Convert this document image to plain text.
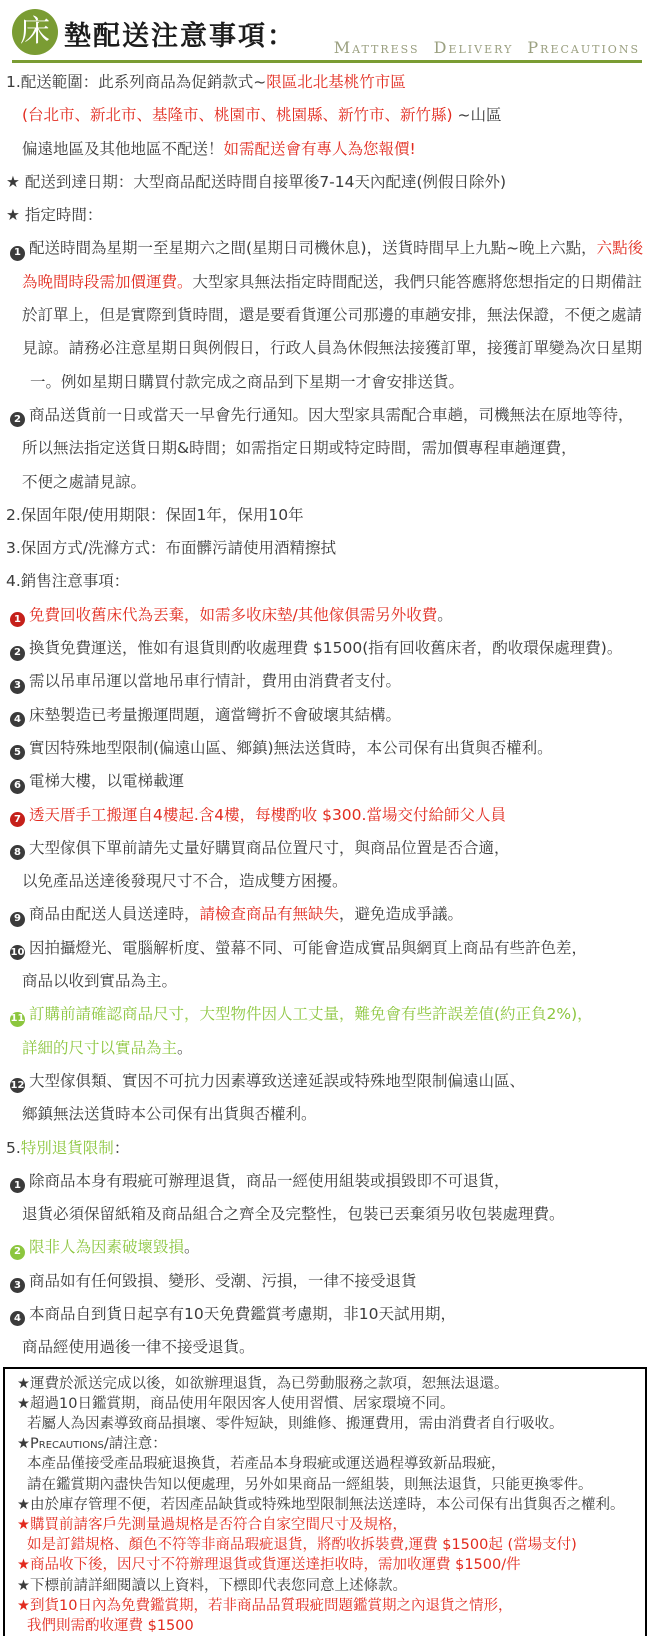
床 墊配送注意事項： Mattress Delivery Precautions
1.配送範圍：此系列商品為促銷款式~限區北北基桃竹市區
(台北市、新北市、基隆市、桃園市、桃園縣、新竹市、新竹縣) ~山區
偏遠地區及其他地區不配送！如需配送會有專人為您報價!
★ 配送到達日期：大型商品配送時間自接單後7-14天內配達(例假日除外)
★ 指定時間：
1 配送時間為星期一至星期六之間(星期日司機休息)，送貨時間早上九點~晚上六點，六點後
為晚間時段需加價運費。大型家具無法指定時間配送，我們只能答應將您想指定的日期備註
於訂單上，但是實際到貨時間，還是要看貨運公司那邊的車趟安排，無法保證，不便之處請
見諒。請務必注意星期日與例假日，行政人員為休假無法接獲訂單，接獲訂單變為次日星期
一。例如星期日購買付款完成之商品到下星期一才會安排送貨。
2 商品送貨前一日或當天一早會先行通知。因大型家具需配合車趟，司機無法在原地等待，
所以無法指定送貨日期&時間；如需指定日期或特定時間，需加價專程車趟運費，
不便之處請見諒。
2.保固年限/使用期限：保固1年，保用10年
3.保固方式/洗滌方式：布面髒污請使用酒精擦拭
4.銷售注意事項：
1 免費回收舊床代為丟棄，如需多收床墊/其他傢俱需另外收費。
2 換貨免費運送，惟如有退貨則酌收處理費 $1500(指有回收舊床者，酌收環保處理費)。
3 需以吊車吊運以當地吊車行情計，費用由消費者支付。
4 床墊製造已考量搬運問題，適當彎折不會破壞其結構。
5 實因特殊地型限制(偏遠山區、鄉鎮)無法送貨時，本公司保有出貨與否權利。
6 電梯大樓，以電梯載運
7 透天厝手工搬運自4樓起.含4樓，每樓酌收 $300.當場交付給師父人員
8 大型傢俱下單前請先丈量好購買商品位置尺寸，與商品位置是否合適，
以免產品送達後發現尺寸不合，造成雙方困擾。
9 商品由配送人員送達時，請檢查商品有無缺失，避免造成爭議。
10 因拍攝燈光、電腦解析度、螢幕不同、可能會造成實品與網頁上商品有些許色差，
商品以收到實品為主。
11 訂購前請確認商品尺寸，大型物件因人工丈量，難免會有些許誤差值(約正負2%)，
詳細的尺寸以實品為主。
12 大型傢俱類、實因不可抗力因素導致送達延誤或特殊地型限制偏遠山區、
鄉鎮無法送貨時本公司保有出貨與否權利。
5.特別退貨限制：
1 除商品本身有瑕疵可辦理退貨，商品一經使用組裝或損毀即不可退貨，
退貨必須保留紙箱及商品組合之齊全及完整性，包裝已丟棄須另收包裝處理費。
2 限非人為因素破壞毀損。
3 商品如有任何毀損、變形、受潮、污損，一律不接受退貨
4 本商品自到貨日起享有10天免費鑑賞考慮期，非10天試用期，
商品經使用過後一律不接受退貨。
★運費於派送完成以後，如欲辦理退貨，為已勞動服務之款項，恕無法退還。
★超過10日鑑賞期，商品使用年限因客人使用習慣、居家環境不同。
若屬人為因素導致商品損壞、零件短缺，則維修、搬運費用，需由消費者自行吸收。
★Precautions/請注意：
本產品僅接受產品瑕疵退換貨，若產品本身瑕疵或運送過程導致新品瑕疵，
請在鑑賞期內盡快告知以便處理，另外如果商品一經組裝，則無法退貨，只能更換零件。
★由於庫存管理不便，若因產品缺貨或特殊地型限制無法送達時，本公司保有出貨與否之權利。
★購買前請客戶先測量過規格是否符合自家空間尺寸及規格，
如是訂錯規格、顏色不符等非商品瑕疵退貨，將酌收拆裝費,運費 $1500起 (當場支付)
★商品收下後，因尺寸不符辦理退貨或貨運送達拒收時，需加收運費 $1500/件
★下標前請詳細閱讀以上資料，下標即代表您同意上述條款。
★到貨10日內為免費鑑賞期，若非商品品質瑕疵問題鑑賞期之內退貨之情形，
我們則需酌收運費 $1500
